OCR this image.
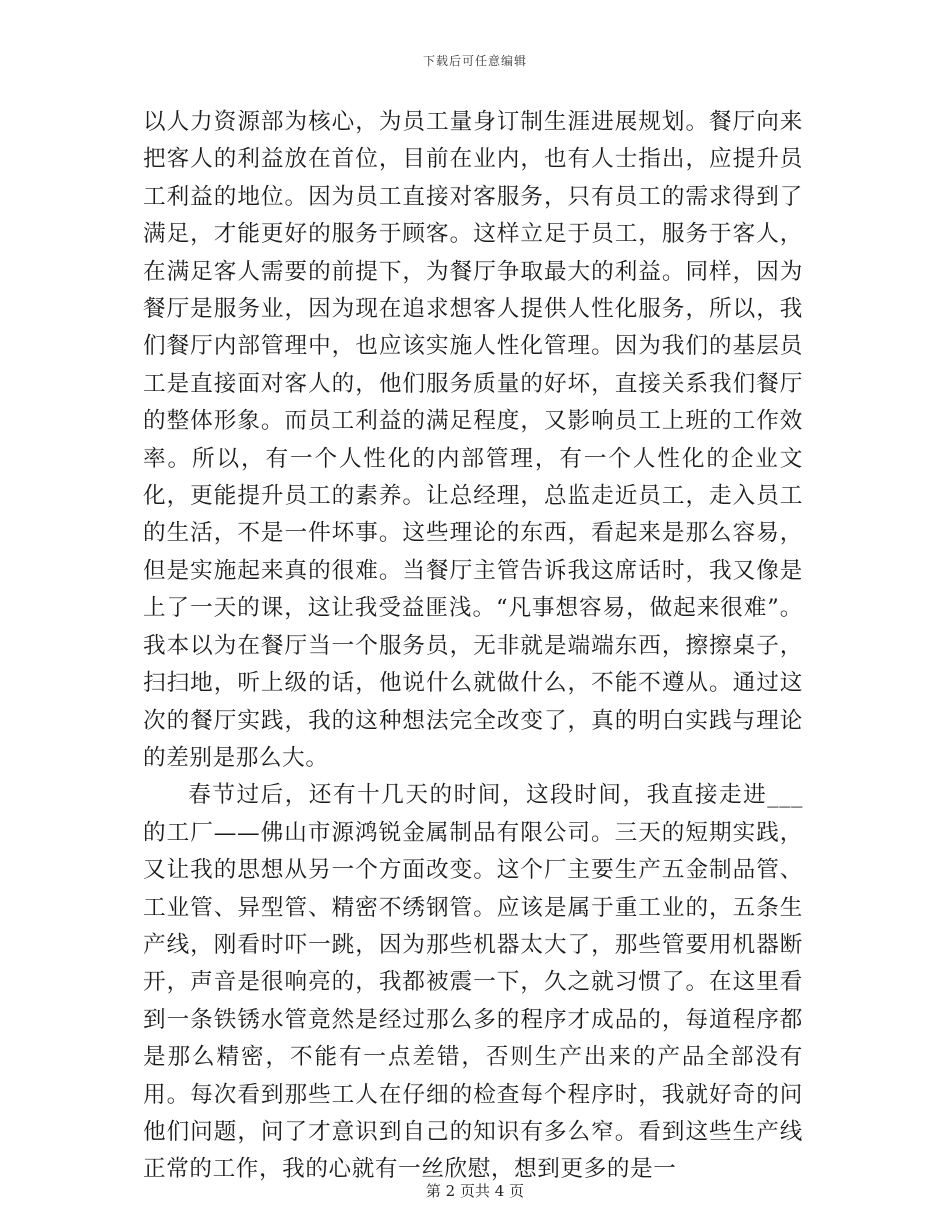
下载后可任意编辑

以人力资源部为核心，为员工量身订制生涯进展规划。餐厅向来把客人的利益放在首位，目前在业内，也有人士指出，应提升员工利益的地位。因为员工直接对客服务，只有员工的需求得到了满足，才能更好的服务于顾客。这样立足于员工，服务于客人，在满足客人需要的前提下，为餐厅争取最大的利益。同样，因为餐厅是服务业，因为现在追求想客人提供人性化服务，所以，我们餐厅内部管理中，也应该实施人性化管理。因为我们的基层员工是直接面对客人的，他们服务质量的好坏，直接关系我们餐厅的整体形象。而员工利益的满足程度，又影响员工上班的工作效率。所以，有一个人性化的内部管理，有一个人性化的企业文化，更能提升员工的素养。让总经理，总监走近员工，走入员工的生活，不是一件坏事。这些理论的东西，看起来是那么容易，但是实施起来真的很难。当餐厅主管告诉我这席话时，我又像是上了一天的课，这让我受益匪浅。“凡事想容易，做起来很难”。我本以为在餐厅当一个服务员，无非就是端端东西，擦擦桌子，扫扫地，听上级的话，他说什么就做什么，不能不遵从。通过这次的餐厅实践，我的这种想法完全改变了，真的明白实践与理论的差别是那么大。

春节过后，还有十几天的时间，这段时间，我直接走进___的工厂——佛山市源鸿锐金属制品有限公司。三天的短期实践，又让我的思想从另一个方面改变。这个厂主要生产五金制品管、工业管、异型管、精密不绣钢管。应该是属于重工业的，五条生产线，刚看时吓一跳，因为那些机器太大了，那些管要用机器断开，声音是很响亮的，我都被震一下，久之就习惯了。在这里看到一条铁锈水管竟然是经过那么多的程序才成品的，每道程序都是那么精密，不能有一点差错，否则生产出来的产品全部没有用。每次看到那些工人在仔细的检查每个程序时，我就好奇的问他们问题，问了才意识到自己的知识有多么窄。看到这些生产线正常的工作，我的心就有一丝欣慰，想到更多的是一

第 2 页共 4 页
